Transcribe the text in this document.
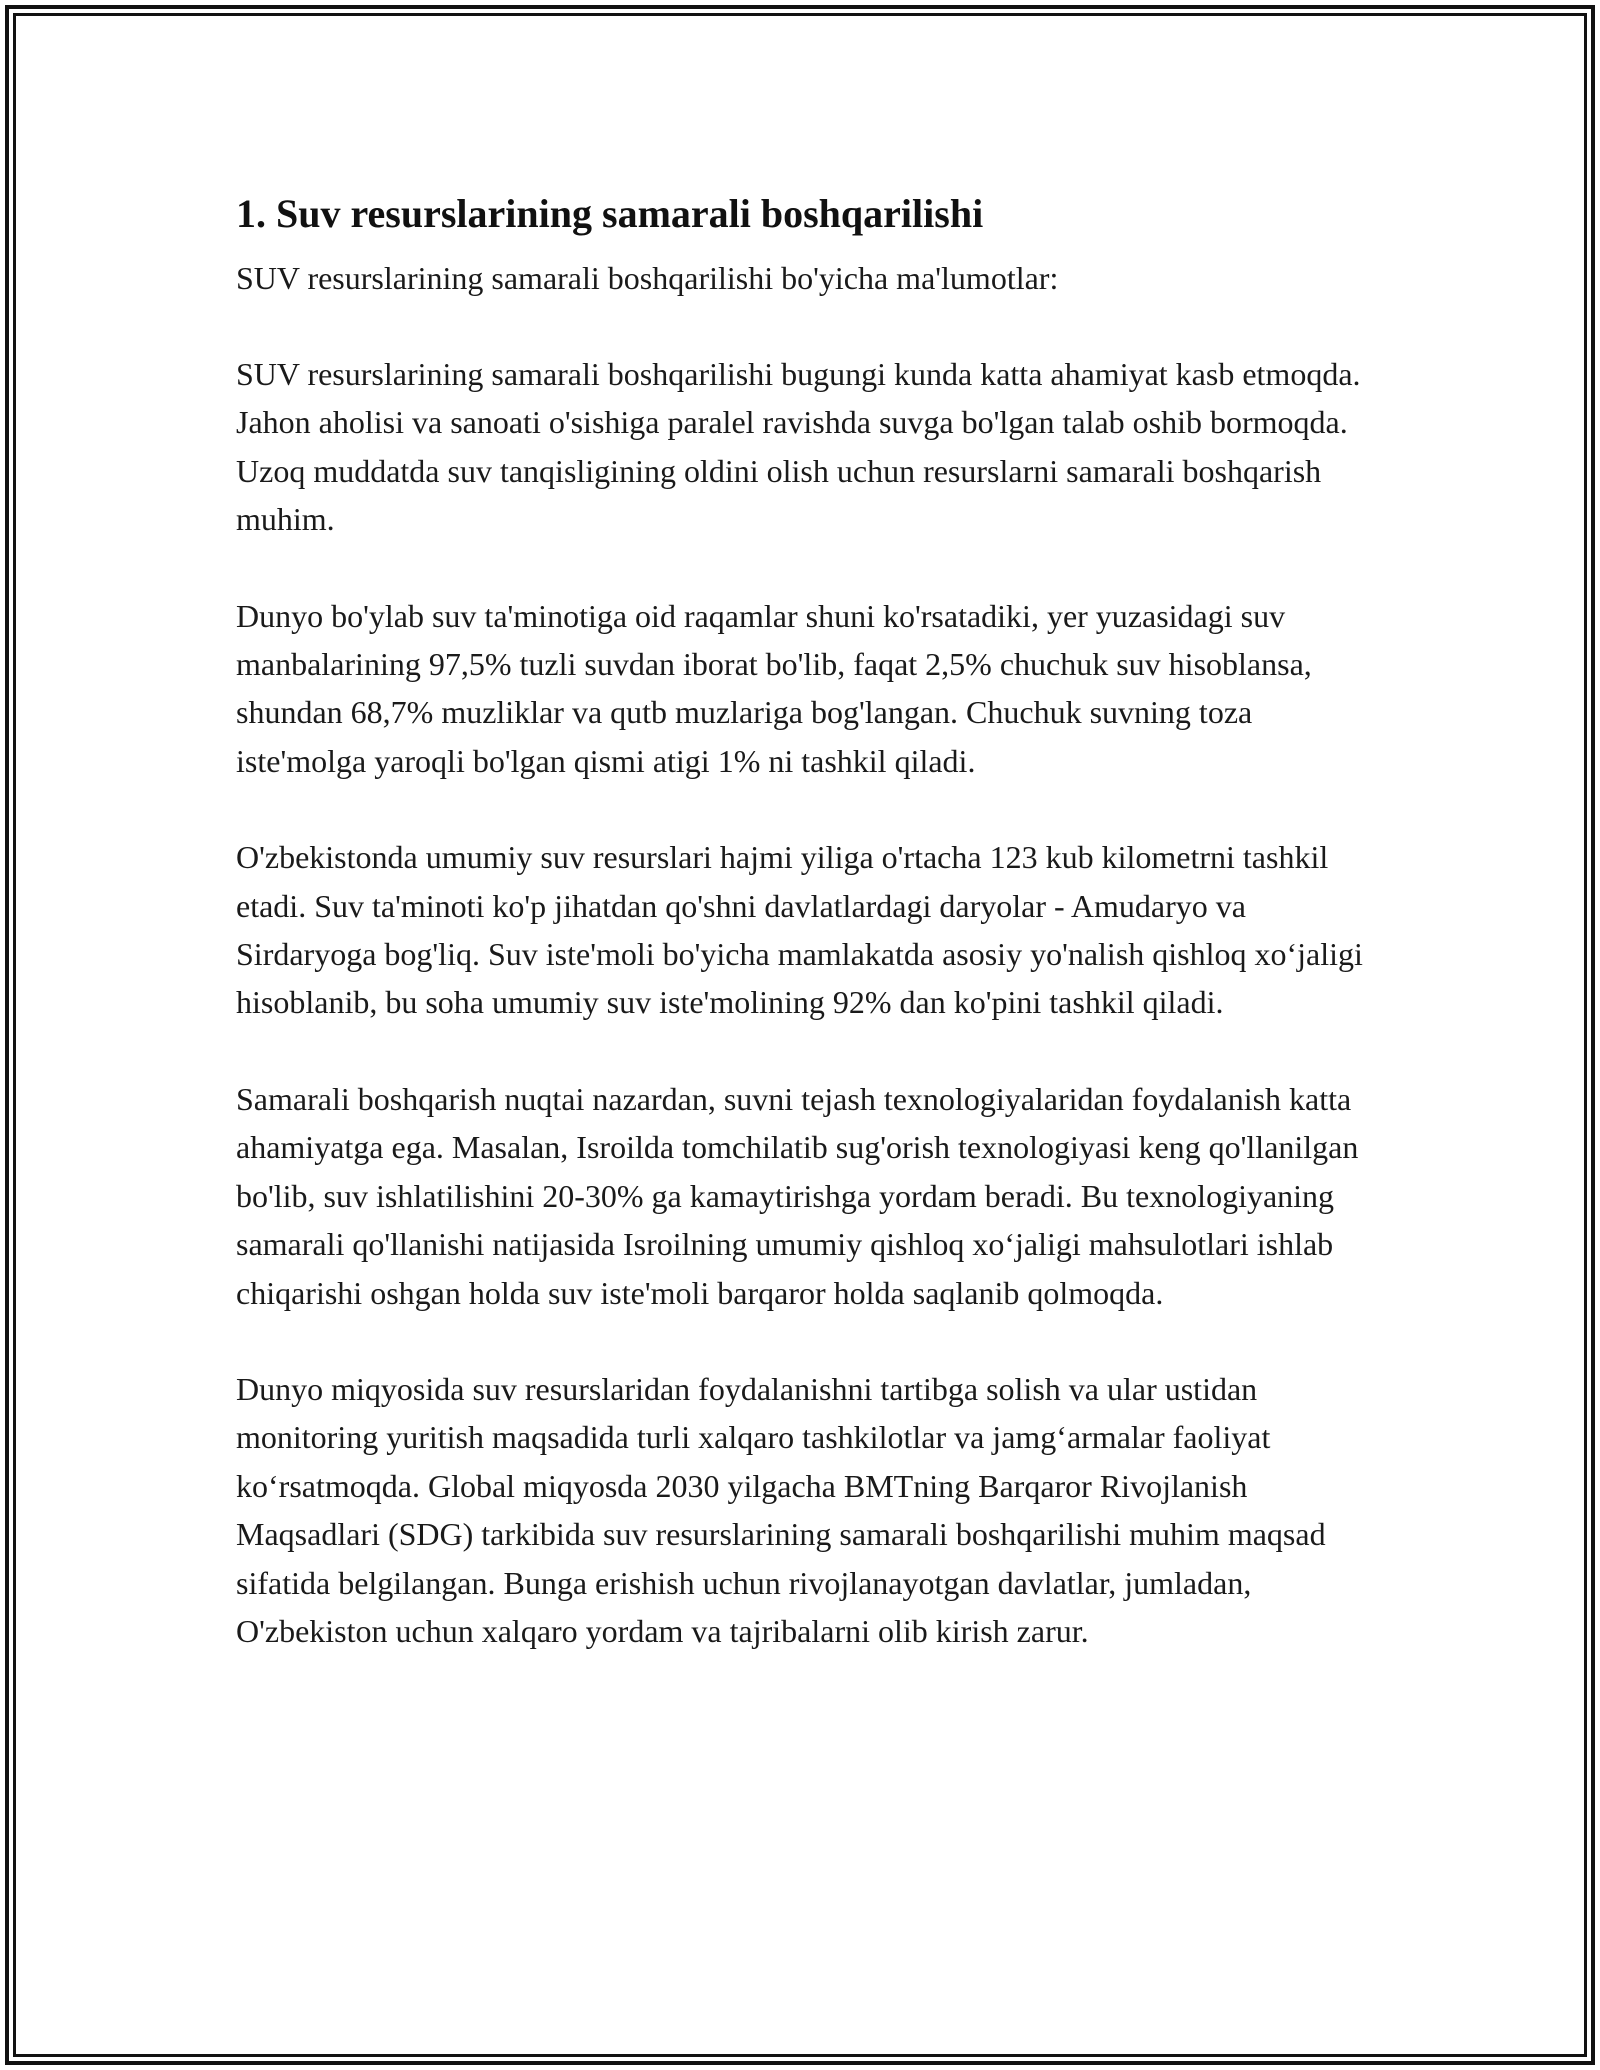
1. Suv resurslarining samarali boshqarilishi

SUV resurslarining samarali boshqarilishi bo'yicha ma'lumotlar:

SUV resurslarining samarali boshqarilishi bugungi kunda katta ahamiyat kasb etmoqda. Jahon aholisi va sanoati o'sishiga paralel ravishda suvga bo'lgan talab oshib bormoqda. Uzoq muddatda suv tanqisligining oldini olish uchun resurslarni samarali boshqarish muhim.

Dunyo bo'ylab suv ta'minotiga oid raqamlar shuni ko'rsatadiki, yer yuzasidagi suv manbalarining 97,5% tuzli suvdan iborat bo'lib, faqat 2,5% chuchuk suv hisoblansa, shundan 68,7% muzliklar va qutb muzlariga bog'langan. Chuchuk suvning toza iste'molga yaroqli bo'lgan qismi atigi 1% ni tashkil qiladi.

O'zbekistonda umumiy suv resurslari hajmi yiliga o'rtacha 123 kub kilometrni tashkil etadi. Suv ta'minoti ko'p jihatdan qo'shni davlatlardagi daryolar - Amudaryo va Sirdaryoga bog'liq. Suv iste'moli bo'yicha mamlakatda asosiy yo'nalish qishloq xo‘jaligi hisoblanib, bu soha umumiy suv iste'molining 92% dan ko'pini tashkil qiladi.

Samarali boshqarish nuqtai nazardan, suvni tejash texnologiyalaridan foydalanish katta ahamiyatga ega. Masalan, Isroilda tomchilatib sug'orish texnologiyasi keng qo'llanilgan bo'lib, suv ishlatilishini 20-30% ga kamaytirishga yordam beradi. Bu texnologiyaning samarali qo'llanishi natijasida Isroilning umumiy qishloq xo‘jaligi mahsulotlari ishlab chiqarishi oshgan holda suv iste'moli barqaror holda saqlanib qolmoqda.

Dunyo miqyosida suv resurslaridan foydalanishni tartibga solish va ular ustidan monitoring yuritish maqsadida turli xalqaro tashkilotlar va jamg‘armalar faoliyat ko‘rsatmoqda. Global miqyosda 2030 yilgacha BMTning Barqaror Rivojlanish Maqsadlari (SDG) tarkibida suv resurslarining samarali boshqarilishi muhim maqsad sifatida belgilangan. Bunga erishish uchun rivojlanayotgan davlatlar, jumladan, O'zbekiston uchun xalqaro yordam va tajribalarni olib kirish zarur.
